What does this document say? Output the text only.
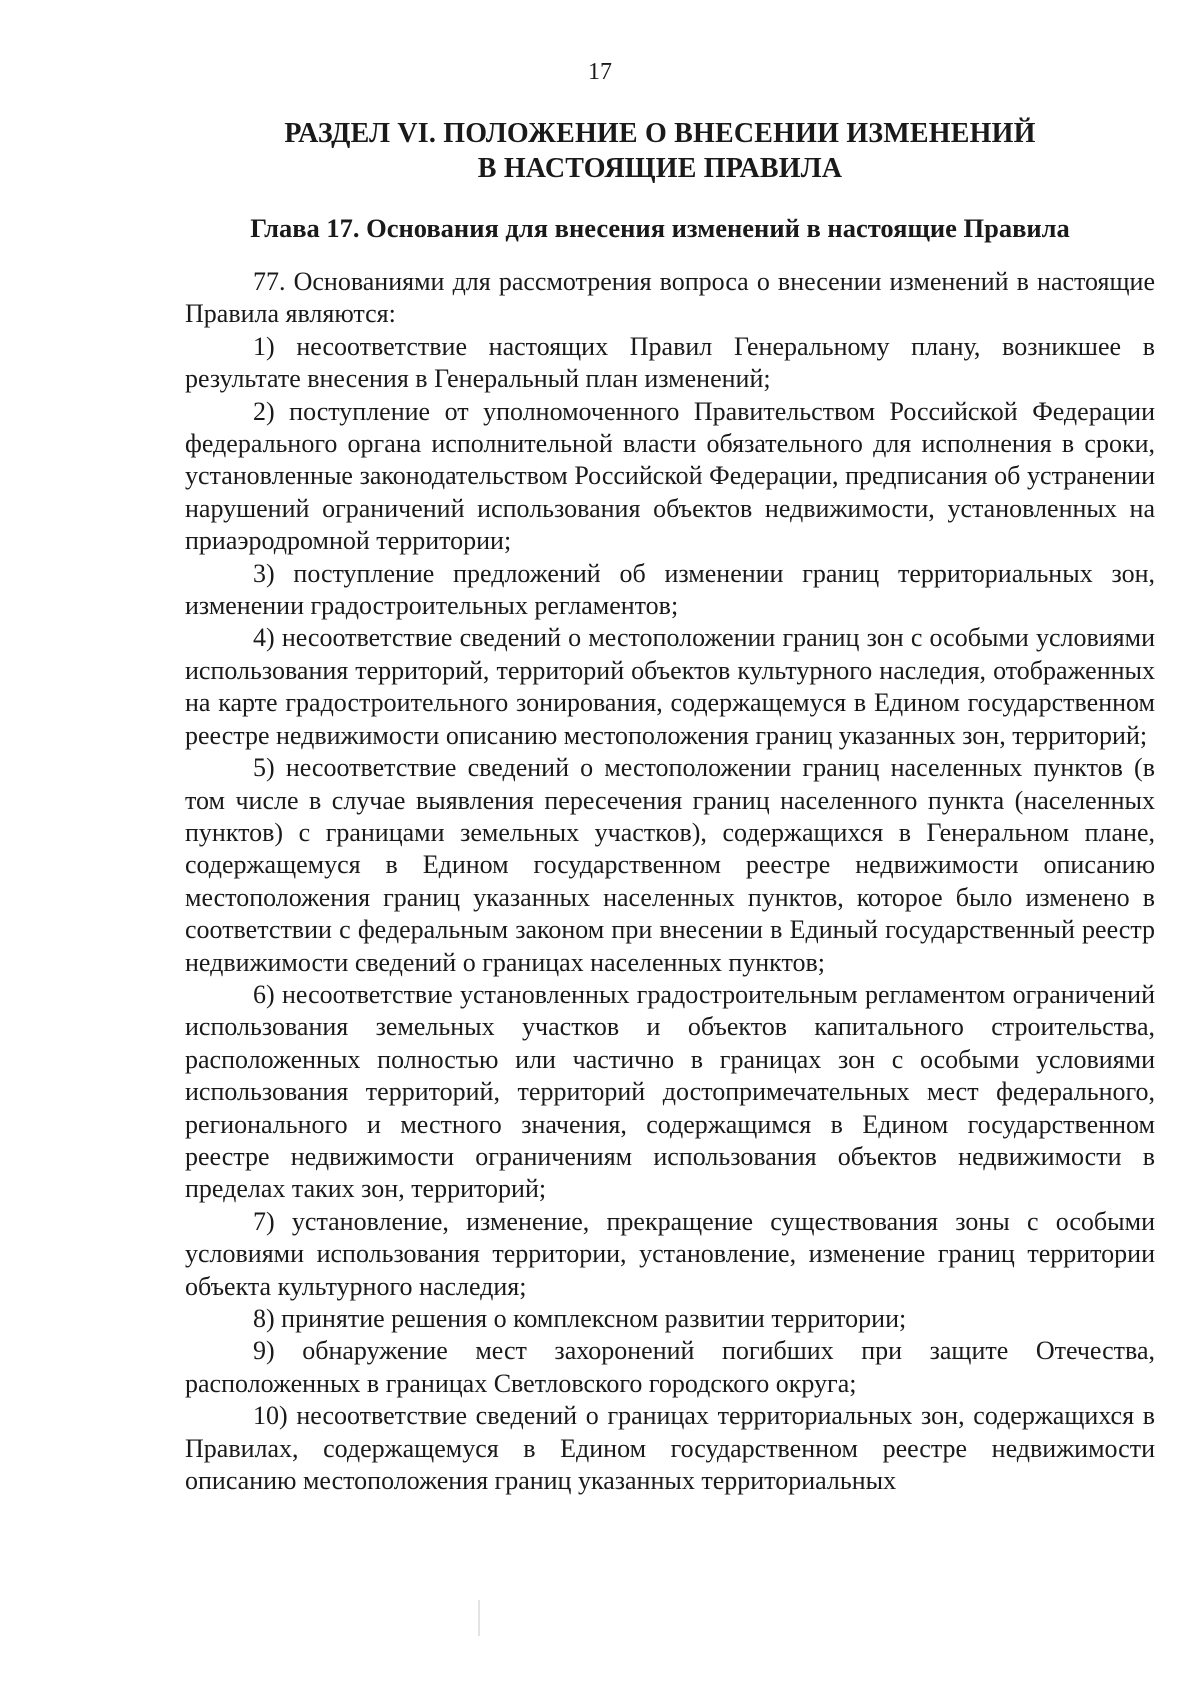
17
РАЗДЕЛ VI. ПОЛОЖЕНИЕ О ВНЕСЕНИИ ИЗМЕНЕНИЙ
В НАСТОЯЩИЕ ПРАВИЛА
Глава 17. Основания для внесения изменений в настоящие Правила

77. Основаниями для рассмотрения вопроса о внесении изменений в настоящие Правила являются:

1) несоответствие настоящих Правил Генеральному плану, возникшее в результате внесения в Генеральный план изменений;

2) поступление от уполномоченного Правительством Российской Федерации федерального органа исполнительной власти обязательного для исполнения в сроки, установленные законодательством Российской Федерации, предписания об устранении нарушений ограничений использования объектов недвижимости, установленных на приаэродромной территории;

3) поступление предложений об изменении границ территориальных зон, изменении градостроительных регламентов;

4) несоответствие сведений о местоположении границ зон с особыми условиями использования территорий, территорий объектов культурного наследия, отображенных на карте градостроительного зонирования, содержащемуся в Едином государственном реестре недвижимости описанию местоположения границ указанных зон, территорий;

5) несоответствие сведений о местоположении границ населенных пунктов (в том числе в случае выявления пересечения границ населенного пункта (населенных пунктов) с границами земельных участков), содержащихся в Генеральном плане, содержащемуся в Едином государственном реестре недвижимости описанию местоположения границ указанных населенных пунктов, которое было изменено в соответствии с федеральным законом при внесении в Единый государственный реестр недвижимости сведений о границах населенных пунктов;

6) несоответствие установленных градостроительным регламентом ограничений использования земельных участков и объектов капитального строительства, расположенных полностью или частично в границах зон с особыми условиями использования территорий, территорий достопримечательных мест федерального, регионального и местного значения, содержащимся в Едином государственном реестре недвижимости ограничениям использования объектов недвижимости в пределах таких зон, территорий;

7) установление, изменение, прекращение существования зоны с особыми условиями использования территории, установление, изменение границ территории объекта культурного наследия;

8) принятие решения о комплексном развитии территории;

9) обнаружение мест захоронений погибших при защите Отечества, расположенных в границах Светловского городского округа;

10) несоответствие сведений о границах территориальных зон, содержащихся в Правилах, содержащемуся в Едином государственном реестре недвижимости описанию местоположения границ указанных территориальных
